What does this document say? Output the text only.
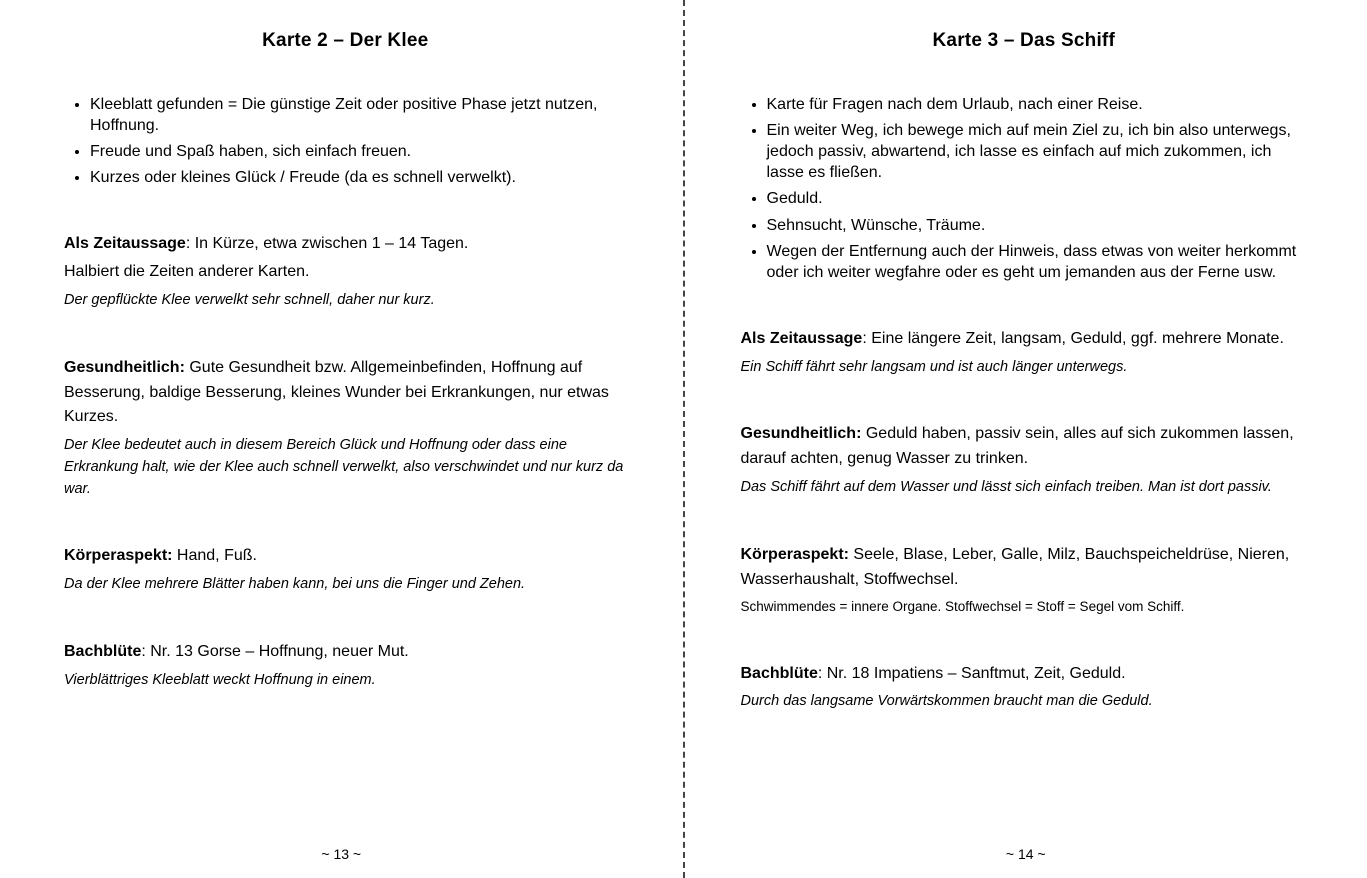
Karte 2 – Der Klee
• Kleeblatt gefunden = Die günstige Zeit oder positive Phase jetzt nutzen, Hoffnung.
• Freude und Spaß haben, sich einfach freuen.
• Kurzes oder kleines Glück / Freude (da es schnell verwelkt).

Als Zeitaussage: In Kürze, etwa zwischen 1 – 14 Tagen.

Halbiert die Zeiten anderer Karten.

Der gepflückte Klee verwelkt sehr schnell, daher nur kurz.

Gesundheitlich: Gute Gesundheit bzw. Allgemeinbefinden, Hoffnung auf Besserung, baldige Besserung, kleines Wunder bei Erkrankungen, nur etwas Kurzes.

Der Klee bedeutet auch in diesem Bereich Glück und Hoffnung oder dass eine Erkrankung halt, wie der Klee auch schnell verwelkt, also verschwindet und nur kurz da war.

Körperaspekt: Hand, Fuß.

Da der Klee mehrere Blätter haben kann, bei uns die Finger und Zehen.

Bachblüte: Nr. 13 Gorse – Hoffnung, neuer Mut.

Vierblättriges Kleeblatt weckt Hoffnung in einem.

~ 13 ~
Karte 3 – Das Schiff
• Karte für Fragen nach dem Urlaub, nach einer Reise.
• Ein weiter Weg, ich bewege mich auf mein Ziel zu, ich bin also unterwegs, jedoch passiv, abwartend, ich lasse es einfach auf mich zukommen, ich lasse es fließen.
• Geduld.
• Sehnsucht, Wünsche, Träume.
• Wegen der Entfernung auch der Hinweis, dass etwas von weiter herkommt oder ich weiter wegfahre oder es geht um jemanden aus der Ferne usw.

Als Zeitaussage: Eine längere Zeit, langsam, Geduld, ggf. mehrere Monate.

Ein Schiff fährt sehr langsam und ist auch länger unterwegs.

Gesundheitlich: Geduld haben, passiv sein, alles auf sich zukommen lassen, darauf achten, genug Wasser zu trinken.

Das Schiff fährt auf dem Wasser und lässt sich einfach treiben. Man ist dort passiv.

Körperaspekt: Seele, Blase, Leber, Galle, Milz, Bauchspeicheldrüse, Nieren, Wasserhaushalt, Stoffwechsel.

Schwimmendes = innere Organe. Stoffwechsel = Stoff = Segel vom Schiff.

Bachblüte: Nr. 18 Impatiens – Sanftmut, Zeit, Geduld.

Durch das langsame Vorwärtskommen braucht man die Geduld.

~ 14 ~
